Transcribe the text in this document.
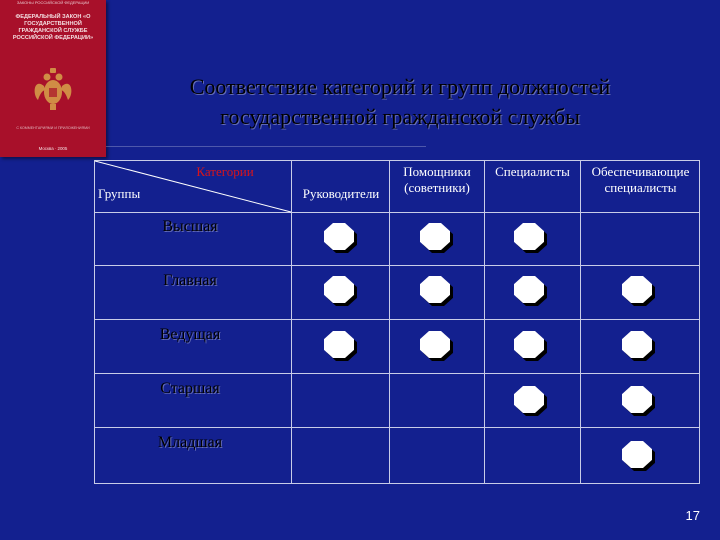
ЗАКОНЫ РОССИЙСКОЙ ФЕДЕРАЦИИ
ФЕДЕРАЛЬНЫЙ ЗАКОН «О ГОСУДАРСТВЕННОЙ ГРАЖДАНСКОЙ СЛУЖБЕ РОССИЙСКОЙ ФЕДЕРАЦИИ»
С КОММЕНТАРИЯМИ И ПРИЛОЖЕНИЯМИ
Москва · 2005
Соответствие категорий и групп должностей
государственной гражданской службы
Категории
Группы	Руководители
Помощники
(советники)
Специалисты	Обеспечивающие
специалисты
Высшая
Главная
Ведущая
Старшая
Младшая
17
